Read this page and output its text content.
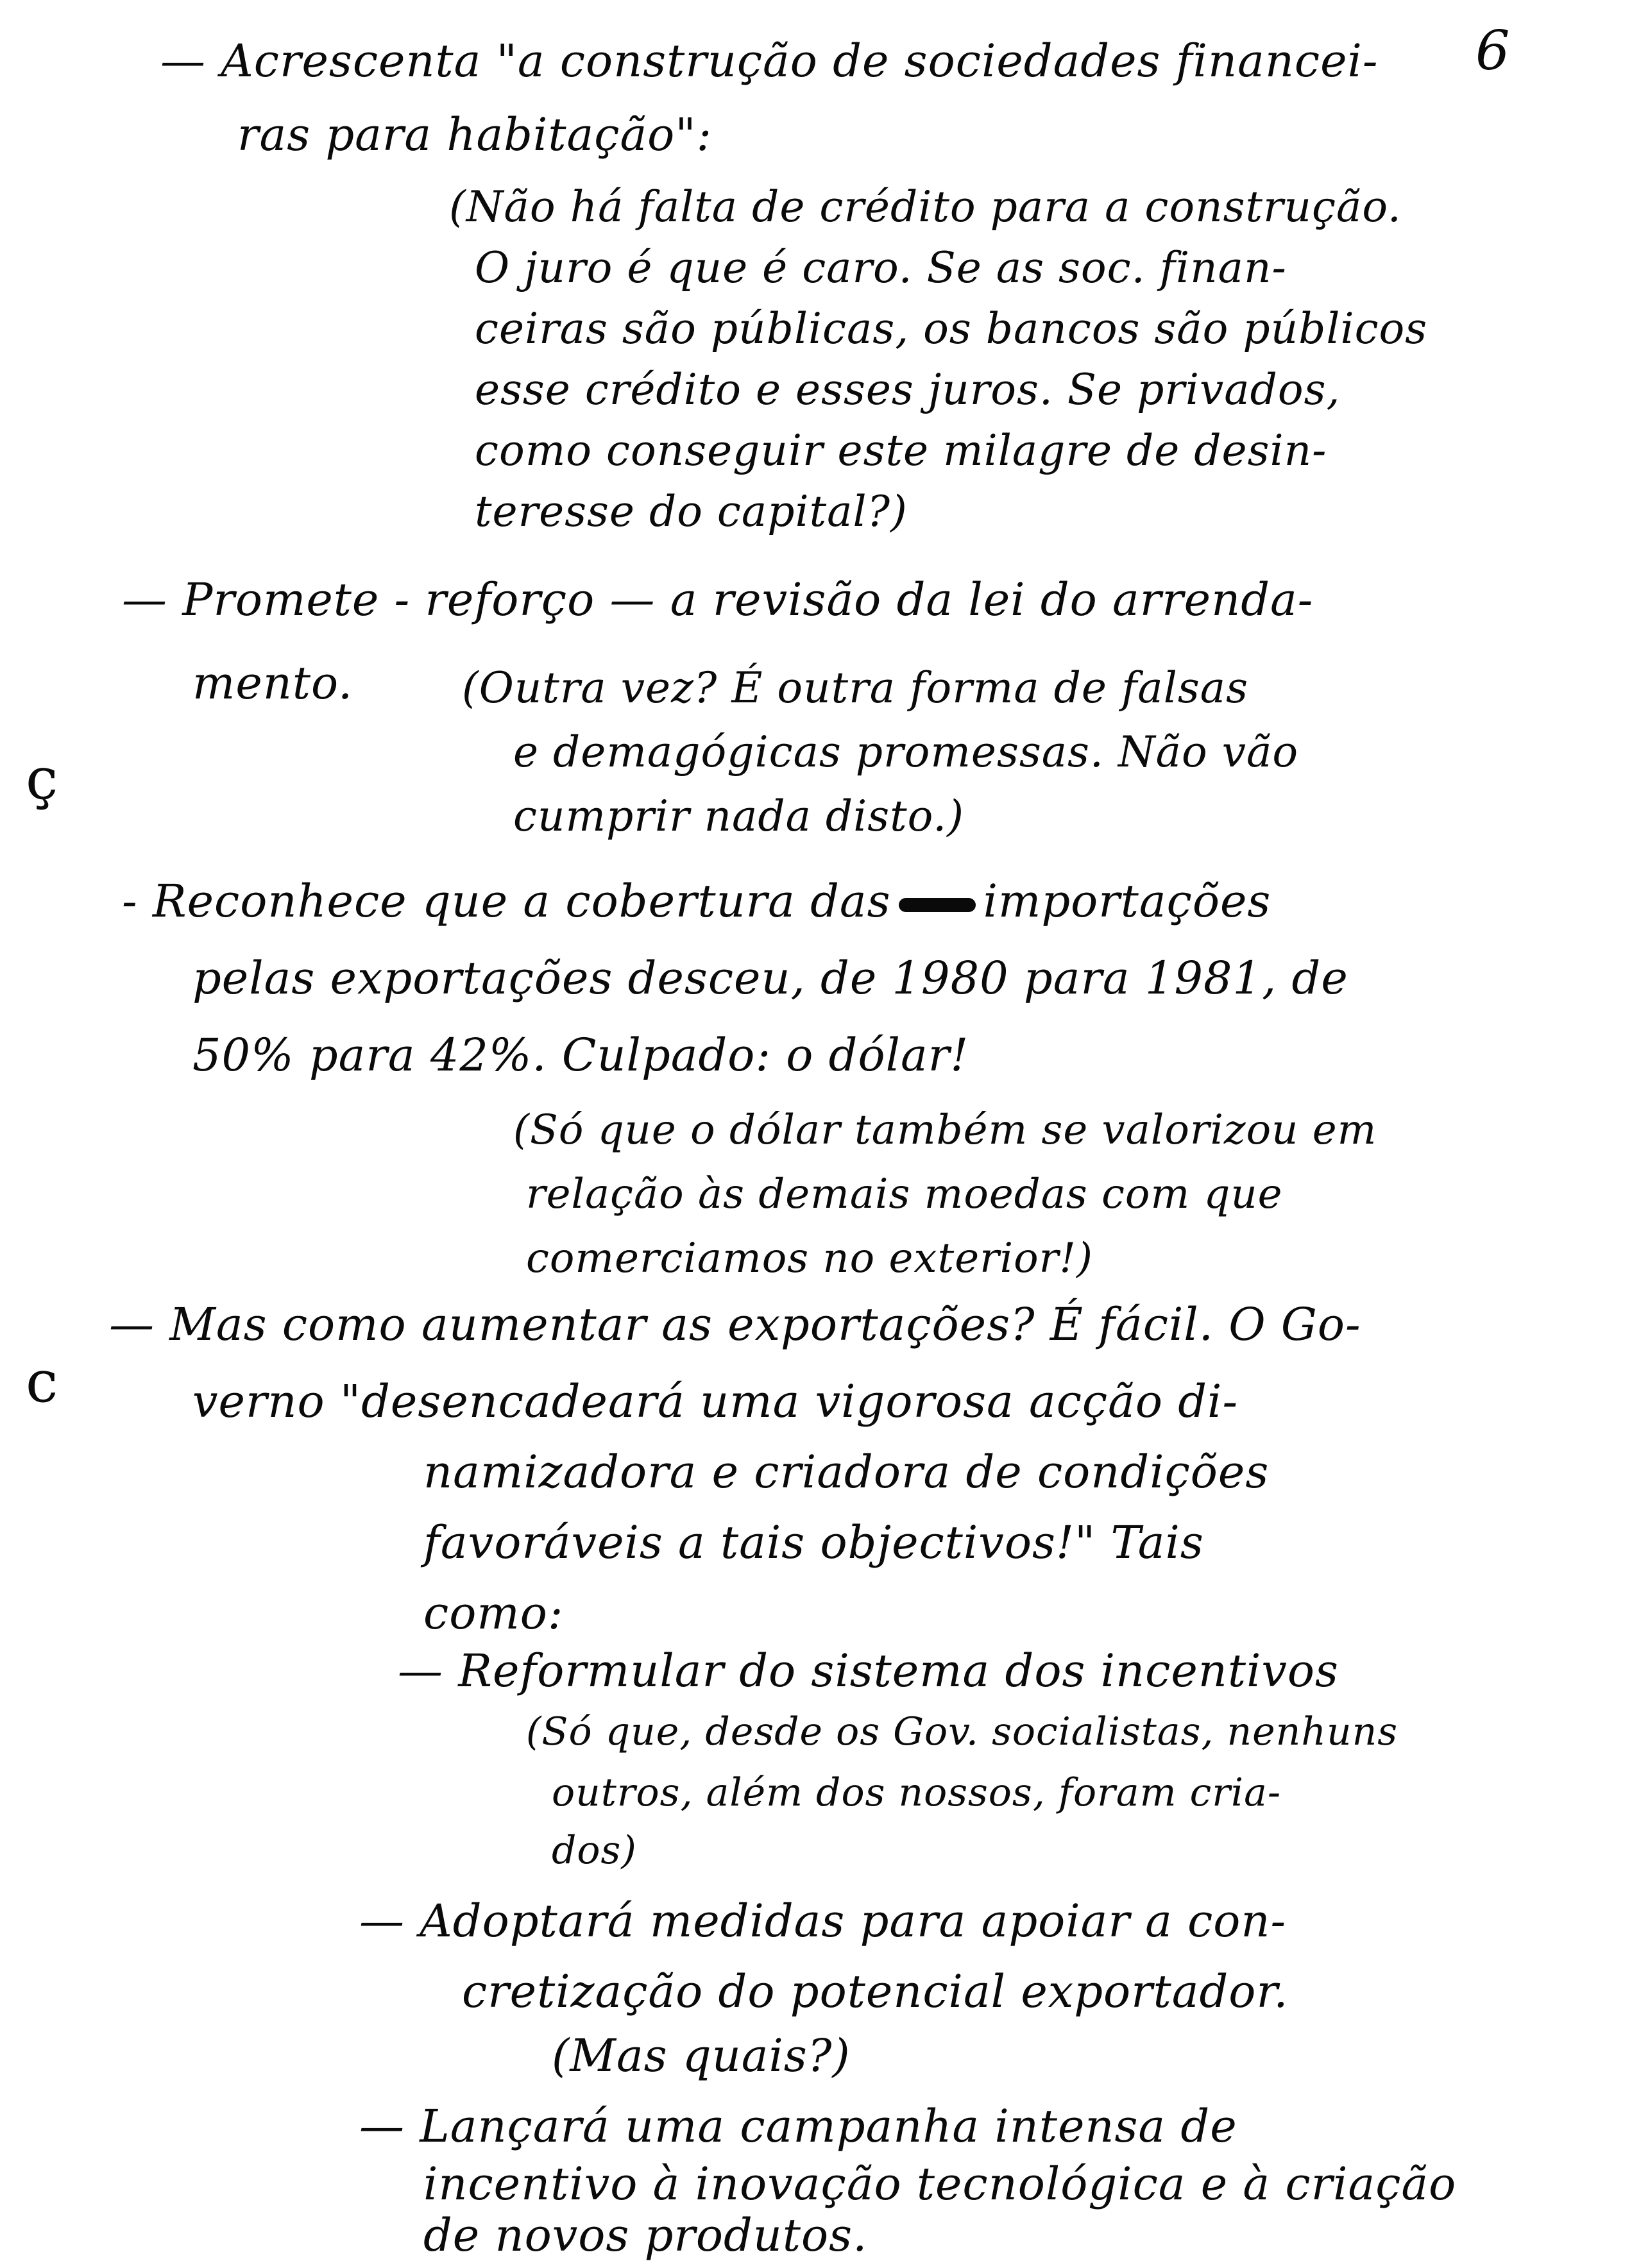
6
ç
c
— Acrescenta "a construção de sociedades financei-
ras para habitação":
(Não há falta de crédito para a construção.
O juro é que é caro. Se as soc. finan-
ceiras são públicas, os bancos são públicos
esse crédito e esses juros. Se privados,
como conseguir este milagre de desin-
teresse do capital?)
— Promete - reforço — a revisão da lei do arrenda-
mento.	(Outra vez? É outra forma de falsas
e demagógicas promessas. Não vão
cumprir nada disto.)
- Reconhece que a cobertura das importações
pelas exportações desceu, de 1980 para 1981, de
50% para 42%. Culpado: o dólar!
(Só que o dólar também se valorizou em
relação às demais moedas com que
comerciamos no exterior!)
— Mas como aumentar as exportações? É fácil. O Go-
verno "desencadeará uma vigorosa acção di-
namizadora e criadora de condições
favoráveis a tais objectivos!" Tais
como:
— Reformular do sistema dos incentivos
(Só que, desde os Gov. socialistas, nenhuns
outros, além dos nossos, foram cria-
dos)
— Adoptará medidas para apoiar a con-
cretização do potencial exportador.
(Mas quais?)
— Lançará uma campanha intensa de
incentivo à inovação tecnológica e à criação
de novos produtos.
